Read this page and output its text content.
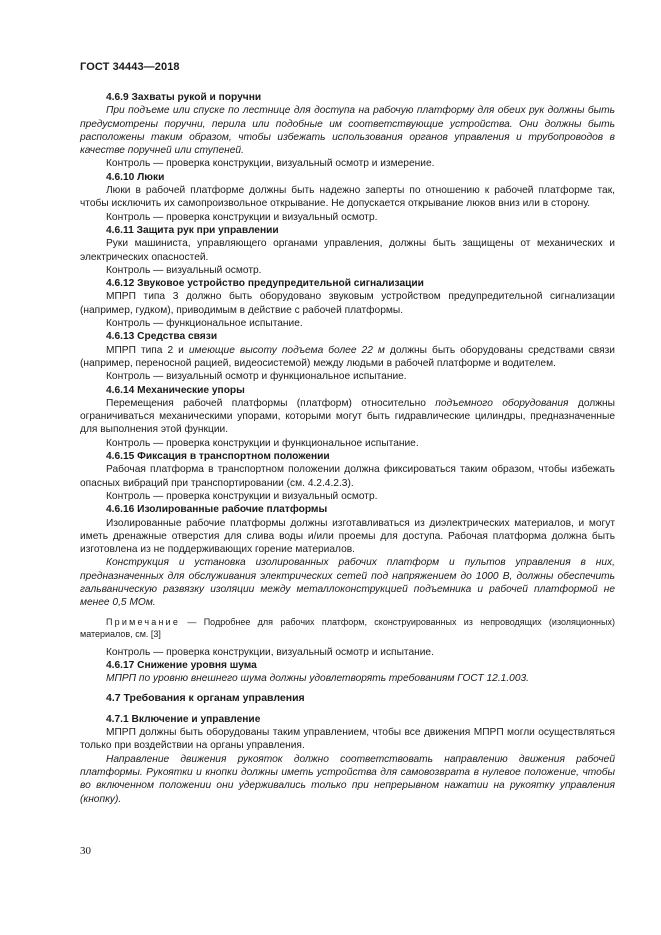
ГОСТ 34443—2018
4.6.9 Захваты рукой и поручни

При подъеме или спуске по лестнице для доступа на рабочую платформу для обеих рук должны быть предусмотрены поручни, перила или подобные им соответствующие устройства. Они должны быть расположены таким образом, чтобы избежать использования органов управления и трубопроводов в качестве поручней или ступеней.

Контроль — проверка конструкции, визуальный осмотр и измерение.

4.6.10 Люки

Люки в рабочей платформе должны быть надежно заперты по отношению к рабочей платформе так, чтобы исключить их самопроизвольное открывание. Не допускается открывание люков вниз или в сторону.

Контроль — проверка конструкции и визуальный осмотр.

4.6.11 Защита рук при управлении

Руки машиниста, управляющего органами управления, должны быть защищены от механических и электрических опасностей.

Контроль — визуальный осмотр.

4.6.12 Звуковое устройство предупредительной сигнализации

МПРП типа 3 должно быть оборудовано звуковым устройством предупредительной сигнализации (например, гудком), приводимым в действие с рабочей платформы.

Контроль — функциональное испытание.

4.6.13 Средства связи

МПРП типа 2 и имеющие высоту подъема более 22 м должны быть оборудованы средствами связи (например, переносной рацией, видеосистемой) между людьми в рабочей платформе и водителем.

Контроль — визуальный осмотр и функциональное испытание.

4.6.14 Механические упоры

Перемещения рабочей платформы (платформ) относительно подъемного оборудования должны ограничиваться механическими упорами, которыми могут быть гидравлические цилиндры, предназначенные для выполнения этой функции.

Контроль — проверка конструкции и функциональное испытание.

4.6.15 Фиксация в транспортном положении

Рабочая платформа в транспортном положении должна фиксироваться таким образом, чтобы избежать опасных вибраций при транспортировании (см. 4.2.4.2.3).

Контроль — проверка конструкции и визуальный осмотр.

4.6.16 Изолированные рабочие платформы

Изолированные рабочие платформы должны изготавливаться из диэлектрических материалов, и могут иметь дренажные отверстия для слива воды и/или проемы для доступа. Рабочая платформа должна быть изготовлена из не поддерживающих горение материалов.

Конструкция и установка изолированных рабочих платформ и пультов управления в них, предназначенных для обслуживания электрических сетей под напряжением до 1000 В, должны обеспечить гальваническую развязку изоляции между металлоконструкцией подъемника и рабочей платформой не менее 0,5 МОм.

Примечание — Подробнее для рабочих платформ, сконструированных из непроводящих (изоляционных) материалов, см. [3]

Контроль — проверка конструкции, визуальный осмотр и испытание.

4.6.17 Снижение уровня шума

МПРП по уровню внешнего шума должны удовлетворять требованиям ГОСТ 12.1.003.

4.7 Требования к органам управления
4.7.1 Включение и управление

МПРП должны быть оборудованы таким управлением, чтобы все движения МПРП могли осуществляться только при воздействии на органы управления.

Направление движения рукояток должно соответствовать направлению движения рабочей платформы. Рукоятки и кнопки должны иметь устройства для самовозврата в нулевое положение, чтобы во включенном положении они удерживались только при непрерывном нажатии на рукоятку управления (кнопку).

30
